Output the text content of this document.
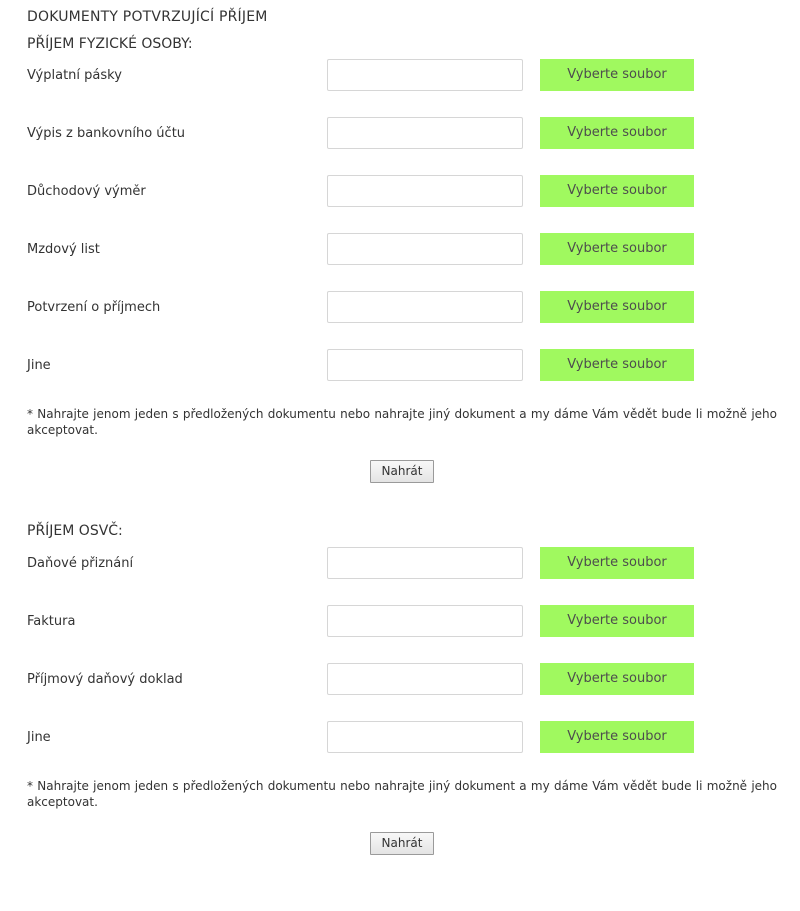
DOKUMENTY POTVRZUJÍCÍ PŘÍJEM
PŘÍJEM FYZICKÉ OSOBY:
Výplatní pásky	Vyberte soubor
Výpis z bankovního účtu	Vyberte soubor
Důchodový výměr	Vyberte soubor
Mzdový list	Vyberte soubor
Potvrzení o příjmech	Vyberte soubor
Jine	Vyberte soubor
* Nahrajte jenom jeden s předložených dokumentu nebo nahrajte jiný dokument a my dáme Vám vědět bude li možně jeho akceptovat.
Nahrát
PŘÍJEM OSVČ:
Daňové přiznání	Vyberte soubor
Faktura	Vyberte soubor
Příjmový daňový doklad	Vyberte soubor
Jine	Vyberte soubor
* Nahrajte jenom jeden s předložených dokumentu nebo nahrajte jiný dokument a my dáme Vám vědět bude li možně jeho akceptovat.
Nahrát
